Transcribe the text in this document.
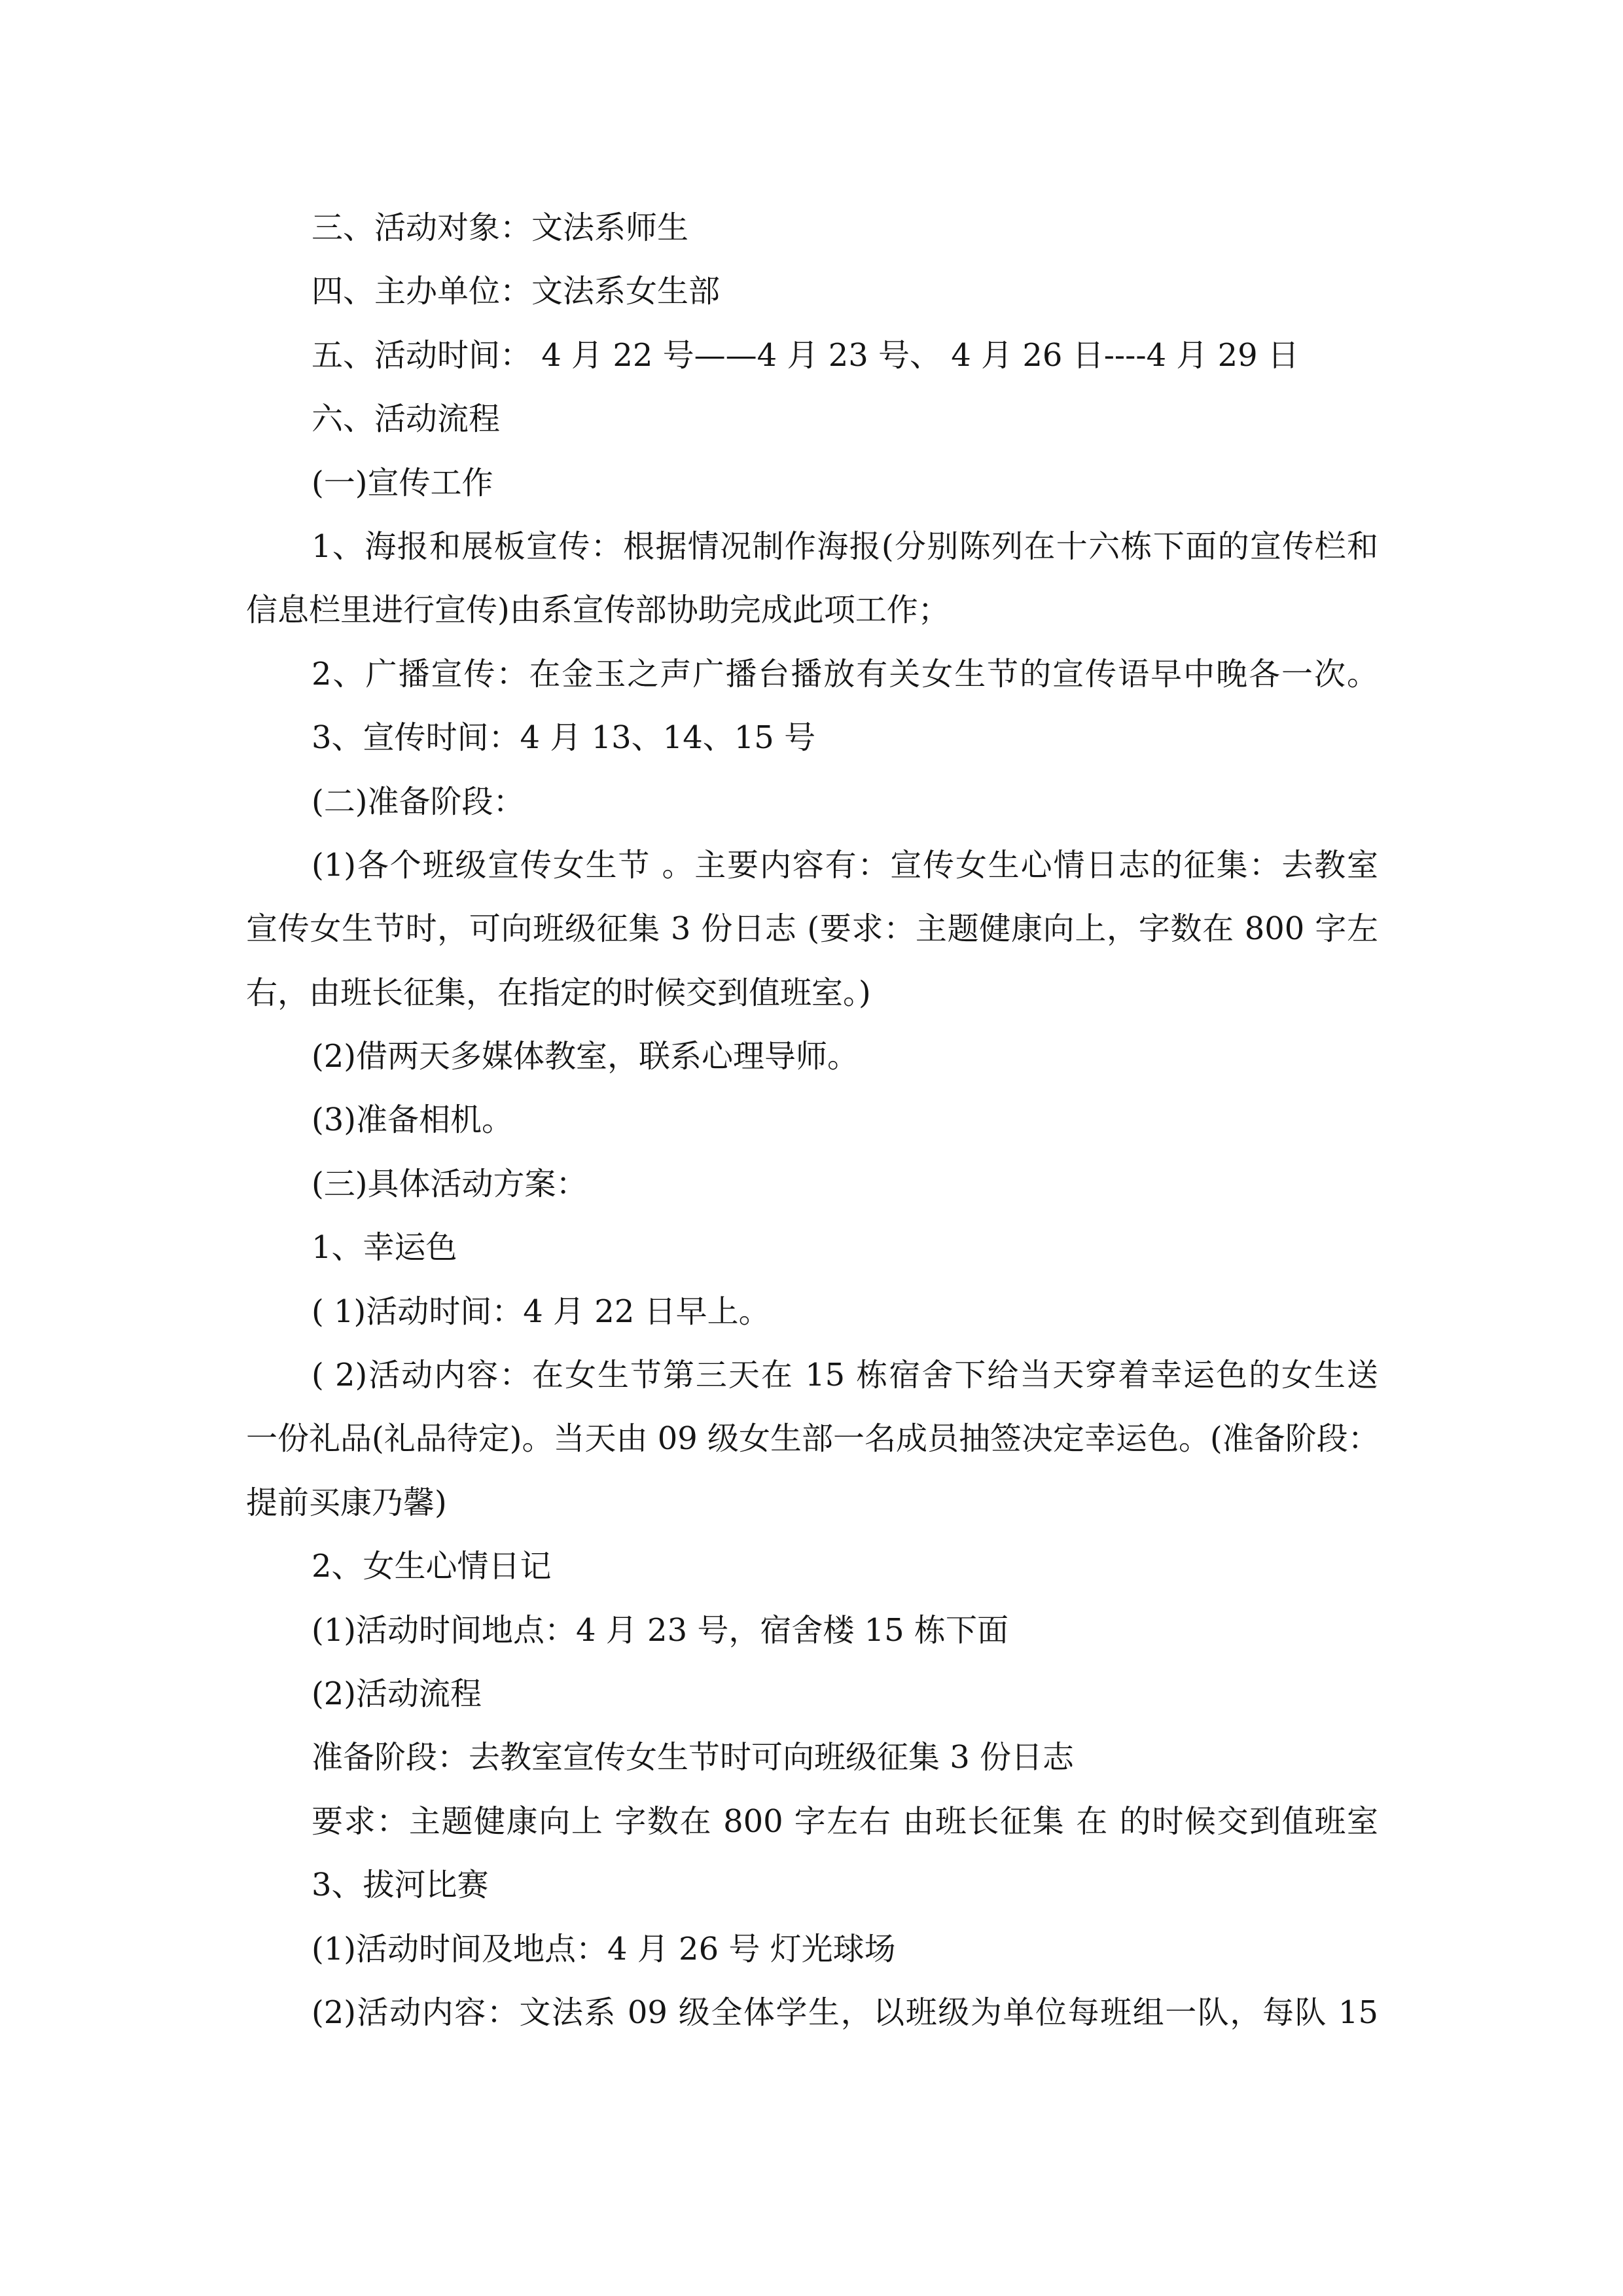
三、活动对象：文法系师生
四、主办单位：文法系女生部
五、活动时间： 4 月 22 号——4 月 23 号、 4 月 26 日----4 月 29 日
六、活动流程
(一)宣传工作
1、海报和展板宣传：根据情况制作海报(分别陈列在十六栋下面的宣传栏和
信息栏里进行宣传)由系宣传部协助完成此项工作；
2、广播宣传：在金玉之声广播台播放有关女生节的宣传语早中晚各一次。
3、宣传时间：4 月 13、14、15 号
(二)准备阶段：
(1)各个班级宣传女生节 。主要内容有：宣传女生心情日志的征集：去教室
宣传女生节时，可向班级征集 3 份日志 (要求：主题健康向上，字数在 800 字左
右，由班长征集，在指定的时候交到值班室。)
(2)借两天多媒体教室，联系心理导师。
(3)准备相机。
(三)具体活动方案：
1、幸运色
( 1)活动时间：4 月 22 日早上。
( 2)活动内容：在女生节第三天在 15 栋宿舍下给当天穿着幸运色的女生送
一份礼品(礼品待定)。当天由 09 级女生部一名成员抽签决定幸运色。(准备阶段：
提前买康乃馨)
2、女生心情日记
(1)活动时间地点：4 月 23 号，宿舍楼 15 栋下面
(2)活动流程
准备阶段：去教室宣传女生节时可向班级征集 3 份日志
要求：主题健康向上 字数在 800 字左右 由班长征集 在 的时候交到值班室
3、拔河比赛
(1)活动时间及地点：4 月 26 号 灯光球场
(2)活动内容：文法系 09 级全体学生，以班级为单位每班组一队，每队 15
